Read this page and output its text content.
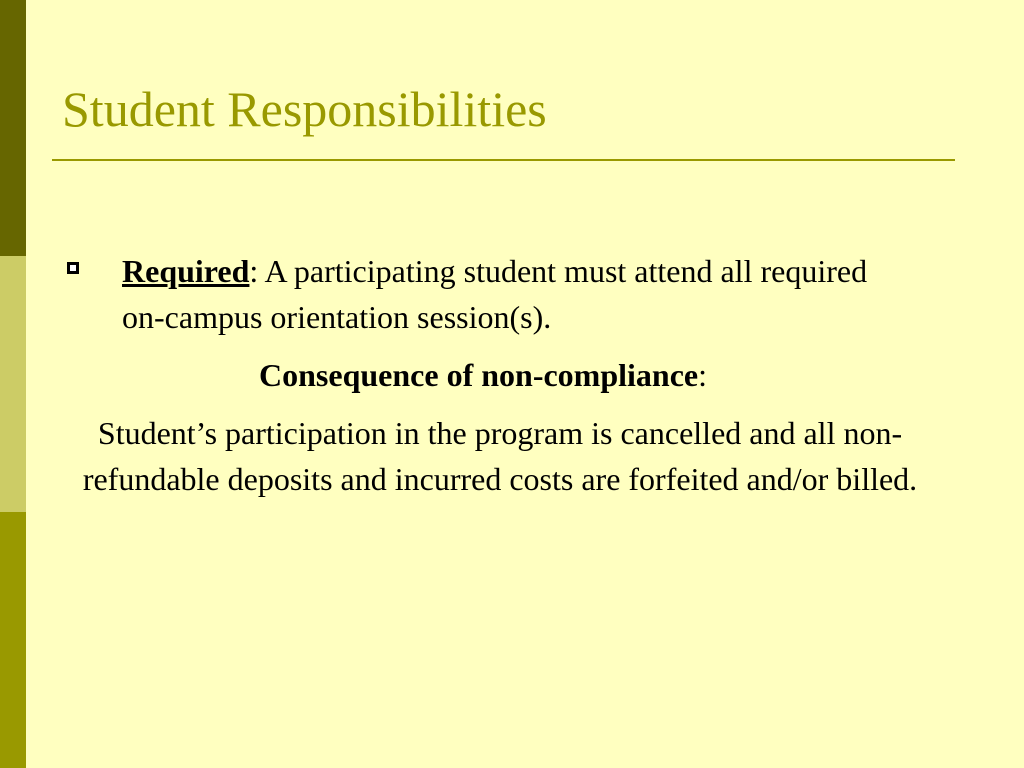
Student Responsibilities
Required: A participating student must attend all required on-campus orientation session(s).
Consequence of non-compliance:
Student’s participation in the program is cancelled and all non-refundable deposits and incurred costs are forfeited and/or billed.
